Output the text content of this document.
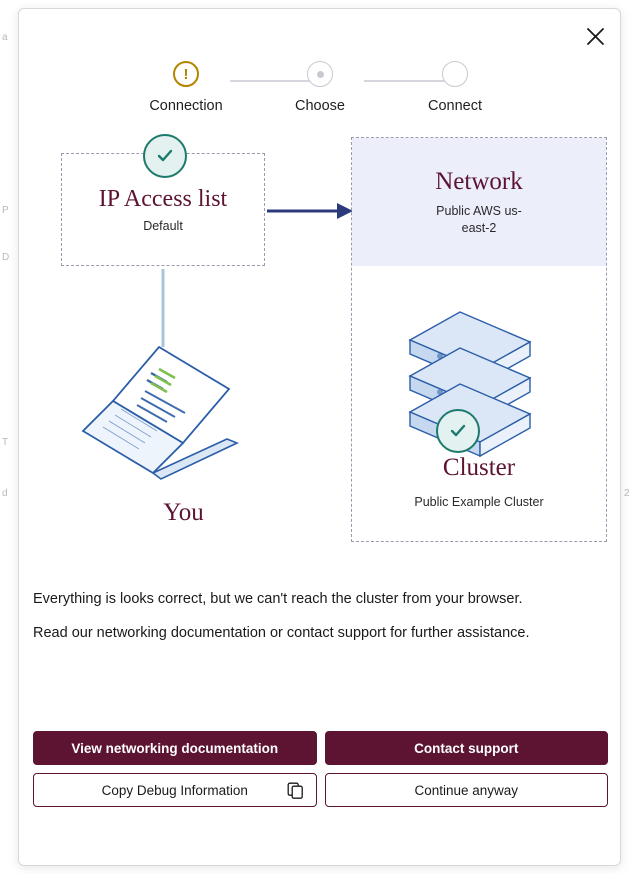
a
P
D
T
d	2
!
Connection	Choose	Connect
IP Access list
Default
Network
Public AWS us-east-2
Cluster
Public Example Cluster
You

Everything is looks correct, but we can't reach the cluster from your browser.

Read our networking documentation or contact support for further assistance.

View networking documentation	Contact support
Copy Debug Information	Continue anyway
